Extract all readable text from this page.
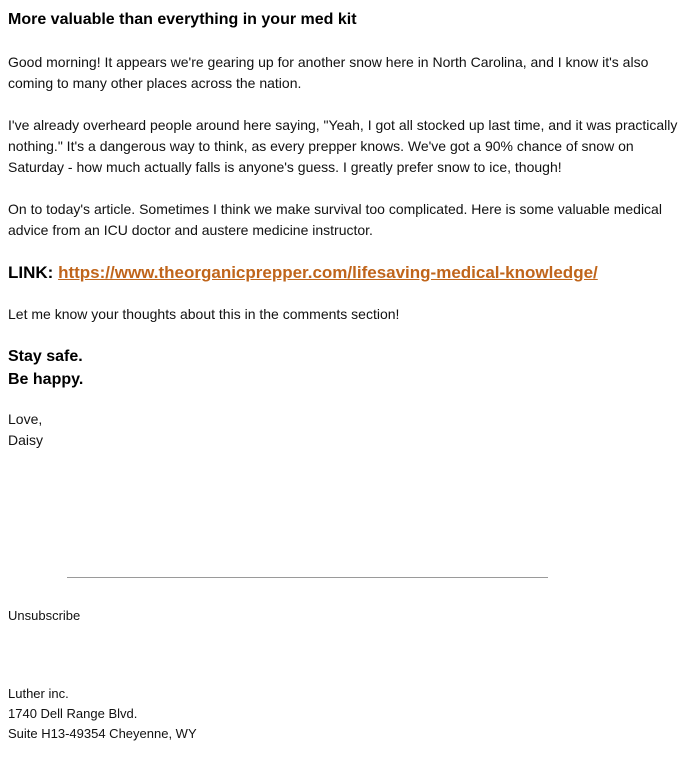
More valuable than everything in your med kit

Good morning! It appears we're gearing up for another snow here in North Carolina, and I know it's also coming to many other places across the nation.

I've already overheard people around here saying, "Yeah, I got all stocked up last time, and it was practically nothing." It's a dangerous way to think, as every prepper knows. We've got a 90% chance of snow on Saturday - how much actually falls is anyone's guess. I greatly prefer snow to ice, though!

On to today's article. Sometimes I think we make survival too complicated. Here is some valuable medical advice from an ICU doctor and austere medicine instructor.

LINK: https://www.theorganicprepper.com/lifesaving-medical-knowledge/

Let me know your thoughts about this in the comments section!

Stay safe.
Be happy.
Love,
Daisy
Unsubscribe
Luther inc.
1740 Dell Range Blvd.
Suite H13-49354 Cheyenne, WY
